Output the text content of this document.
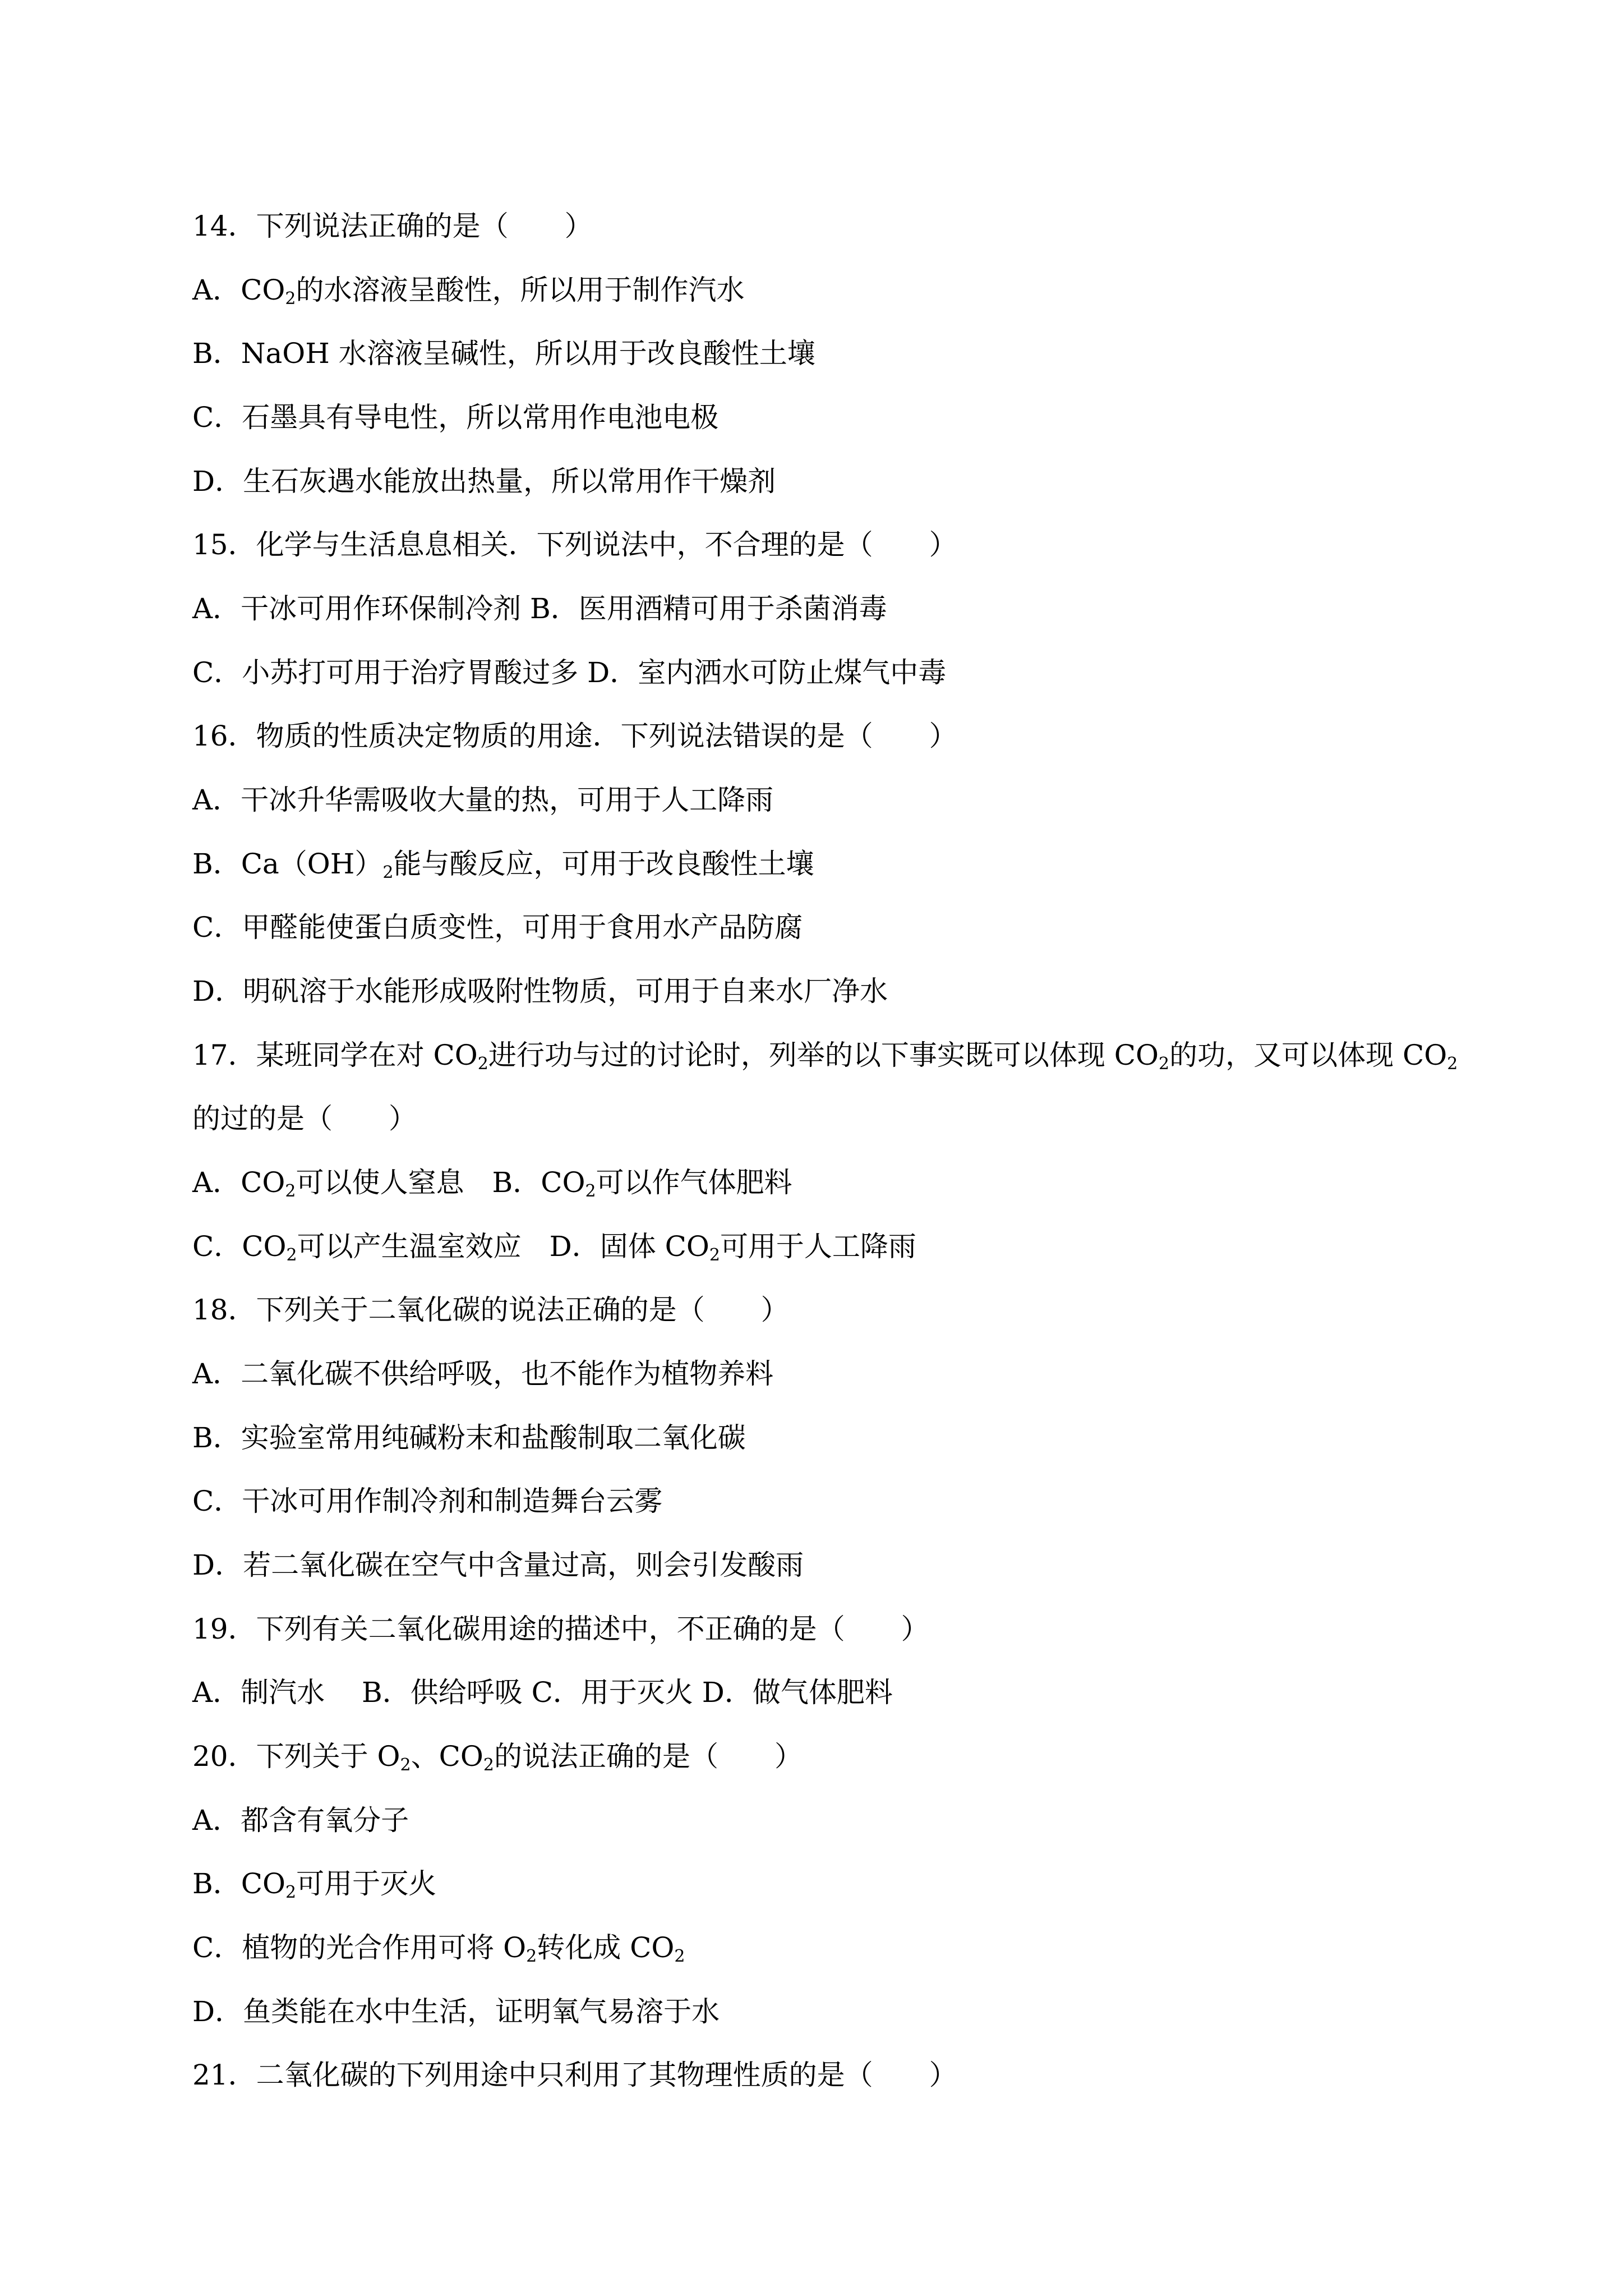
14．下列说法正确的是（　　）
A．$CO_2$的水溶液呈酸性，所以用于制作汽水
B．NaOH 水溶液呈碱性，所以用于改良酸性土壤
C．石墨具有导电性，所以常用作电池电极
D．生石灰遇水能放出热量，所以常用作干燥剂
15．化学与生活息息相关．下列说法中，不合理的是（　　）
A．干冰可用作环保制冷剂 B．医用酒精可用于杀菌消毒
C．小苏打可用于治疗胃酸过多 D．室内洒水可防止煤气中毒
16．物质的性质决定物质的用途．下列说法错误的是（　　）
A．干冰升华需吸收大量的热，可用于人工降雨
B．$Ca(OH)_2$能与酸反应，可用于改良酸性土壤
C．甲醛能使蛋白质变性，可用于食用水产品防腐
D．明矾溶于水能形成吸附性物质，可用于自来水厂净水
17．某班同学在对 $CO_2$进行功与过的讨论时，列举的以下事实既可以体现 $CO_2$的功，又可以体现 $CO_2$
的过的是（　　）
A．$CO_2$可以使人窒息　B．$CO_2$可以作气体肥料
C．$CO_2$可以产生温室效应　D．固体 $CO_2$可用于人工降雨
18．下列关于二氧化碳的说法正确的是（　　）
A．二氧化碳不供给呼吸，也不能作为植物养料
B．实验室常用纯碱粉末和盐酸制取二氧化碳
C．干冰可用作制冷剂和制造舞台云雾
D．若二氧化碳在空气中含量过高，则会引发酸雨
19．下列有关二氧化碳用途的描述中，不正确的是（　　）
A．制汽水　 B．供给呼吸 C．用于灭火 D．做气体肥料
20．下列关于 $O_2$、$CO_2$的说法正确的是（　　）
A．都含有氧分子
B．$CO_2$可用于灭火
C．植物的光合作用可将 $O_2$转化成 $CO_2$
D．鱼类能在水中生活，证明氧气易溶于水
21．二氧化碳的下列用途中只利用了其物理性质的是（　　）
